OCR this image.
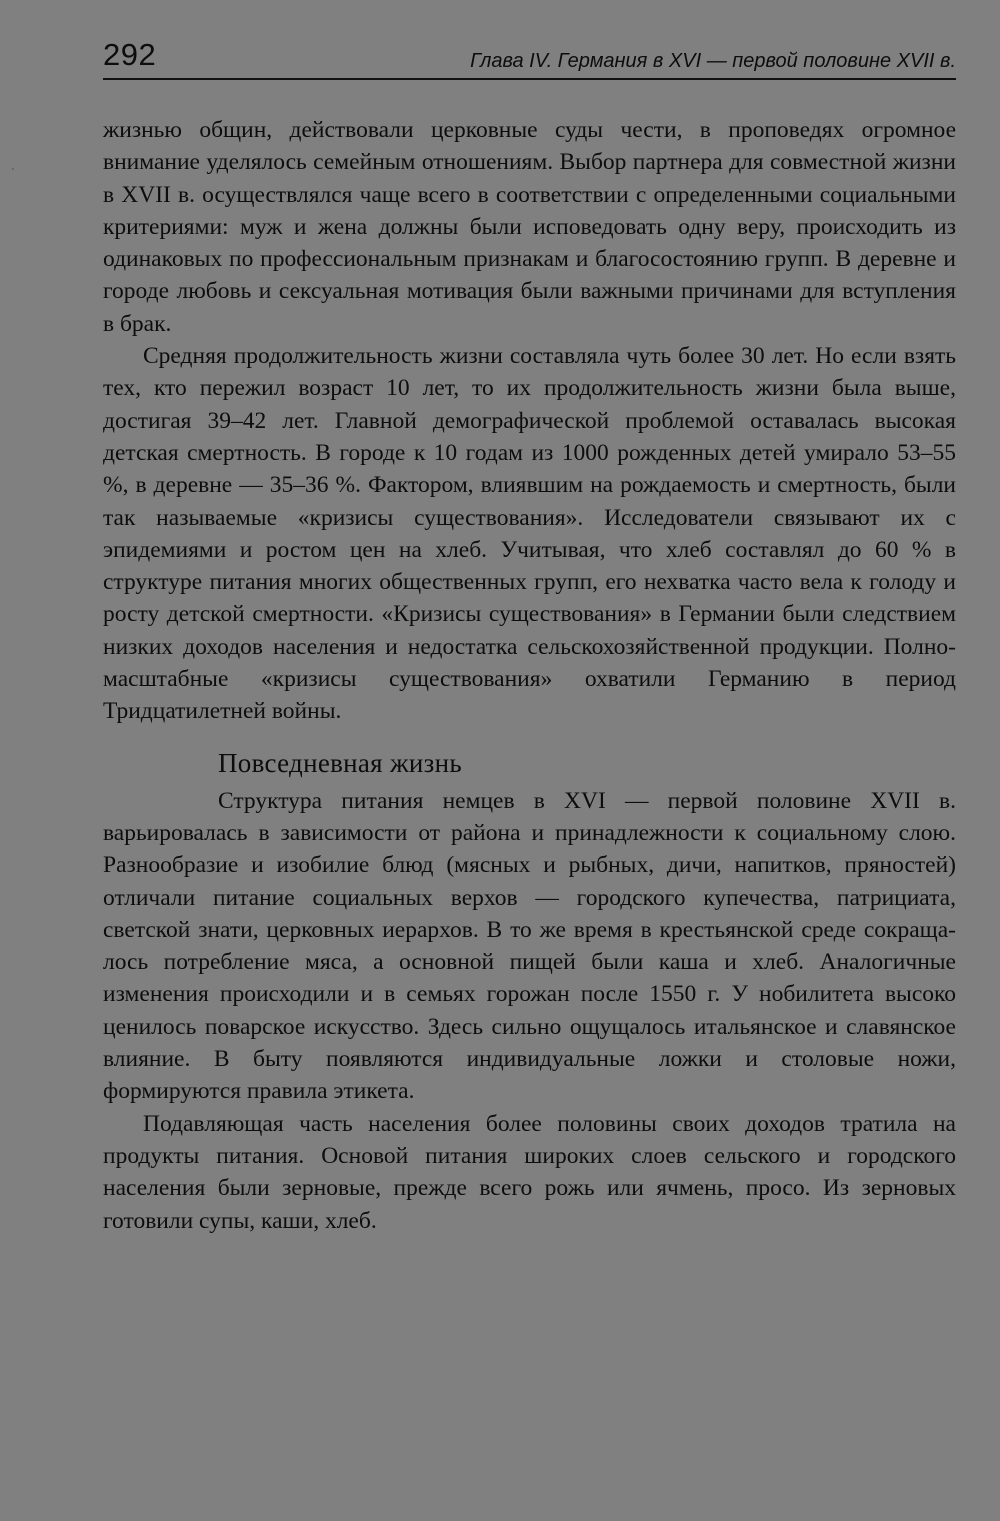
292	Глава IV. Германия в XVI — первой половине XVII в.

жизнью общин, действовали церковные суды чести, в проповедях огромное внимание уделялось семейным отношениям. Выбор партнера для совместной жизни в XVII в. осуществлялся чаще всего в соответствии с определенными социальными критериями: муж и жена должны были исповедовать одну веру, происходить из одинаковых по профессиональным признакам и благосостоянию групп. В деревне и городе любовь и сексуальная мотивация были важными причинами для вступления в брак.

Средняя продолжительность жизни составляла чуть более 30 лет. Но если взять тех, кто пережил возраст 10 лет, то их продолжительность жизни была выше, достигая 39–42 лет. Главной демографической проблемой оставалась высокая детская смертность. В городе к 10 годам из 1000 рожденных детей умирало 53–55 %, в деревне — 35–36 %. Фактором, влиявшим на рождаемость и смертность, были так называемые «кризисы существования». Исследователи связывают их с эпидемиями и ростом цен на хлеб. Учитывая, что хлеб составлял до 60 % в структуре питания многих общественных групп, его нехватка часто вела к голоду и росту детской смертности. «Кризисы существования» в Германии были следствием низких доходов населения и недостатка сельскохозяйственной продукции. Полномасштабные «кризисы существования» охватили Германию в период Тридцатилетней войны.

Повседневная жизнь

Структура питания немцев в XVI — первой половине XVII в. варьировалась в зависимости от района и принадлежности к социальному слою. Разнообразие и изобилие блюд (мясных и рыбных, дичи, напитков, пряностей) отличали питание социальных верхов — городского купечества, патрициата, светской знати, церковных иерархов. В то же время в крестьянской среде сокращалось потребление мяса, а основной пищей были каша и хлеб. Аналогичные изменения происходили и в семьях горожан после 1550 г. У нобилитета высоко ценилось поварское искусство. Здесь сильно ощущалось итальянское и славянское влияние. В быту появляются индивидуальные ложки и столовые ножи, формируются правила этикета.

Подавляющая часть населения более половины своих доходов тратила на продукты питания. Основой питания широких слоев сельского и городского населения были зерновые, прежде всего рожь или ячмень, просо. Из зерновых готовили супы, каши, хлеб.
